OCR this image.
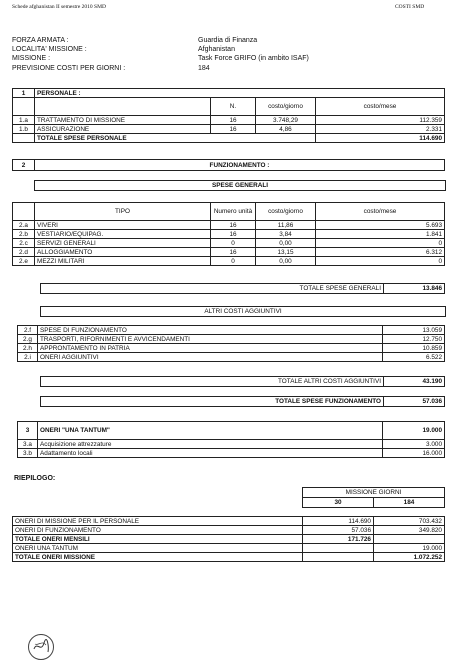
Schede afghanistan II semestre 2010 SMD	COSTI SMD
FORZA ARMATA :	Guardia di Finanza
LOCALITA' MISSIONE :	Afghanistan
MISSIONE :	Task Force GRIFO (in ambito ISAF)
PREVISIONE COSTI PER GIORNI :	184
1	PERSONALE :			
		N.	costo/giorno	costo/mese
1.a	TRATTAMENTO DI MISSIONE	16	3.748,29	112.359
1.b	ASSICURAZIONE	16	4,86	2.331
	TOTALE SPESE PERSONALE			114.690
2	FUNZIONAMENTO :
SPESE GENERALI
	TIPO	Numero unità	costo/giorno	costo/mese
2.a	VIVERI	16	11,86	5.693
2.b	VESTIARIO/EQUIPAG.	16	3,84	1.841
2.c	SERVIZI GENERALI	0	0,00	0
2.d	ALLOGGIAMENTO	16	13,15	6.312
2.e	MEZZI MILITARI	0	0,00	0
TOTALE SPESE GENERALI	13.846
ALTRI COSTI AGGIUNTIVI
2.f	SPESE DI FUNZIONAMENTO	13.059
2.g	TRASPORTI, RIFORNIMENTI E AVVICENDAMENTI	12.750
2.h	APPRONTAMENTO IN PATRIA	10.859
2.i	ONERI AGGIUNTIVI	6.522
TOTALE ALTRI COSTI AGGIUNTIVI	43.190
TOTALE SPESE FUNZIONAMENTO	57.036
3	ONERI "UNA TANTUM"	19.000
3.a	Acquisizione attrezzature	3.000
3.b	Adattamento locali	16.000
RIEPILOGO:
MISSIONE GIORNI
30	184
ONERI DI MISSIONE PER IL PERSONALE	114.690	703.432
ONERI DI FUNZIONAMENTO	57.036	349.820
TOTALE ONERI MENSILI	171.726	
ONERI UNA TANTUM		19.000
TOTALE ONERI MISSIONE		1.072.252
